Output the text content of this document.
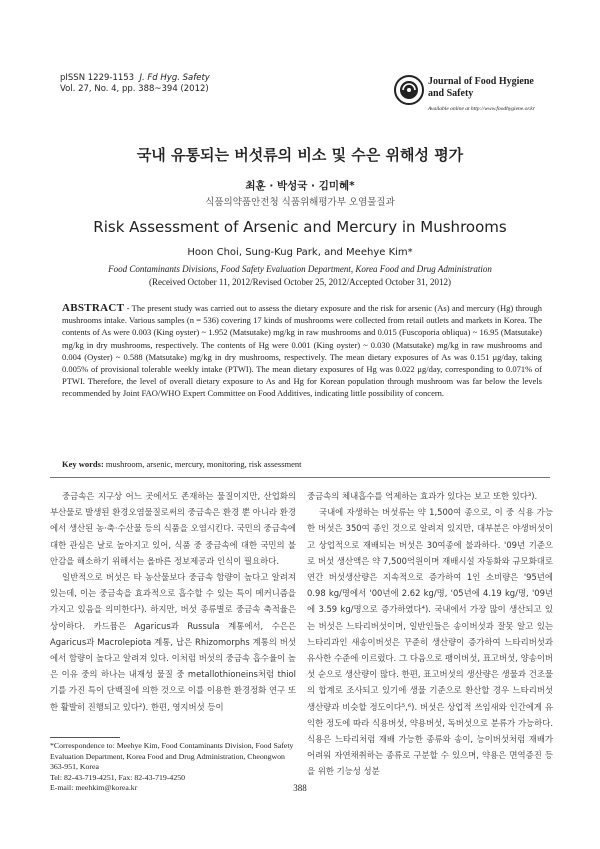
pISSN 1229-1153 J. Fd Hyg. Safety
Vol. 27, No. 4, pp. 388~394 (2012)
Journal of Food Hygiene
and Safety
Available online at http://www.foodhygiene.or.kr
국내 유통되는 버섯류의 비소 및 수은 위해성 평가
최훈 · 박성국 · 김미혜*
식품의약품안전청 식품위해평가부 오염물질과
Risk Assessment of Arsenic and Mercury in Mushrooms
Hoon Choi, Sung-Kug Park, and Meehye Kim*
Food Contaminants Divisions, Food Safety Evaluation Department, Korea Food and Drug Administration
(Received October 11, 2012/Revised October 25, 2012/Accepted October 31, 2012)
ABSTRACT - The present study was carried out to assess the dietary exposure and the risk for arsenic (As) and mercury (Hg) through mushrooms intake. Various samples (n = 536) covering 17 kinds of mushrooms were collected from retail outlets and markets in Korea. The contents of As were 0.003 (King oyster) ~ 1.952 (Matsutake) mg/kg in raw mushrooms and 0.015 (Fuscoporia obliqua) ~ 16.95 (Matsutake) mg/kg in dry mushrooms, respectively. The contents of Hg were 0.001 (King oyster) ~ 0.030 (Matsutake) mg/kg in raw mushrooms and 0.004 (Oyster) ~ 0.588 (Matsutake) mg/kg in dry mushrooms, respectively. The mean dietary exposures of As was 0.151 μg/day, taking 0.005% of provisional tolerable weekly intake (PTWI). The mean dietary exposures of Hg was 0.022 μg/day, corresponding to 0.071% of PTWI. Therefore, the level of overall dietary exposure to As and Hg for Korean population through mushroom was far below the levels recommended by Joint FAO/WHO Expert Committee on Food Additives, indicating little possibility of concern.
Key words: mushroom, arsenic, mercury, monitoring, risk assessment

중금속은 지구상 어느 곳에서도 존재하는 물질이지만, 산업화의 부산물로 발생된 환경오염물질로써의 중금속은 환경 뿐 아니라 환경에서 생산된 농·축·수산물 등의 식품을 오염시킨다. 국민의 중금속에 대한 관심은 날로 높아지고 있어, 식품 중 중금속에 대한 국민의 불안감을 해소하기 위해서는 올바른 정보제공과 인식이 필요하다.

일반적으로 버섯은 타 농산물보다 중금속 함량이 높다고 알려져 있는데, 이는 중금속을 효과적으로 흡수할 수 있는 특이 메커니즘을 가지고 있음을 의미한다¹). 하지만, 버섯 종류별로 중금속 축적율은 상이하다. 카드뮴은 Agaricus과 Russula 계통에서, 수은은 Agaricus과 Macrolepiota 계통, 납은 Rhizomorphs 계통의 버섯에서 함량이 높다고 알려져 있다. 이처럼 버섯의 중금속 흡수율이 높은 이유 중의 하나는 내재성 물질 중 metallothioneins처럼 thiol기를 가진 특이 단백질에 의한 것으로 이를 이용한 환경정화 연구 또한 활발히 진행되고 있다²). 한편, 영지버섯 등이

중금속의 체내흡수를 억제하는 효과가 있다는 보고 또한 있다³).

국내에 자생하는 버섯류는 약 1,500여 종으로, 이 중 식용 가능한 버섯은 350여 종인 것으로 알려져 있지만, 대부분은 야생버섯이고 상업적으로 재배되는 버섯은 30여종에 불과하다. '09년 기준으로 버섯 생산액은 약 7,500억원이며 재배시설 자동화와 규모화대로 연간 버섯생산량은 지속적으로 증가하여 1인 소비량은 '95년에 0.98 kg/명에서 '00년에 2.62 kg/명, '05년에 4.19 kg/명, '09년에 3.59 kg/명으로 증가하였다⁴). 국내에서 가장 많이 생산되고 있는 버섯은 느타리버섯이며, 일반인들은 송이버섯과 잘못 알고 있는 느타리과인 새송이버섯은 꾸준히 생산량이 증가하여 느타리버섯과 유사한 수준에 이르렀다. 그 다음으로 팽이버섯, 표고버섯, 양송이버섯 순으로 생산량이 많다. 한편, 표고버섯의 생산량은 생물과 건조물의 합계로 조사되고 있기에 생물 기준으로 환산할 경우 느타리버섯 생산량과 비슷할 정도이다⁵,⁶). 버섯은 상업적 쓰임새와 인간에게 유익한 정도에 따라 식용버섯, 약용버섯, 독버섯으로 분류가 가능하다. 식용은 느타리처럼 재배 가능한 종류와 송이, 능이버섯처럼 재배가 어려워 자연채취하는 종류로 구분할 수 있으며, 약용은 면역증진 등을 위한 기능성 성분

*Correspondence to: Meehye Kim, Food Contaminants Division, Food Safety Evaluation Department, Korea Food and Drug Administration, Cheongwon 363-951, Korea
Tel: 82-43-719-4251, Fax: 82-43-719-4250
E-mail: meehkim@korea.kr	388
